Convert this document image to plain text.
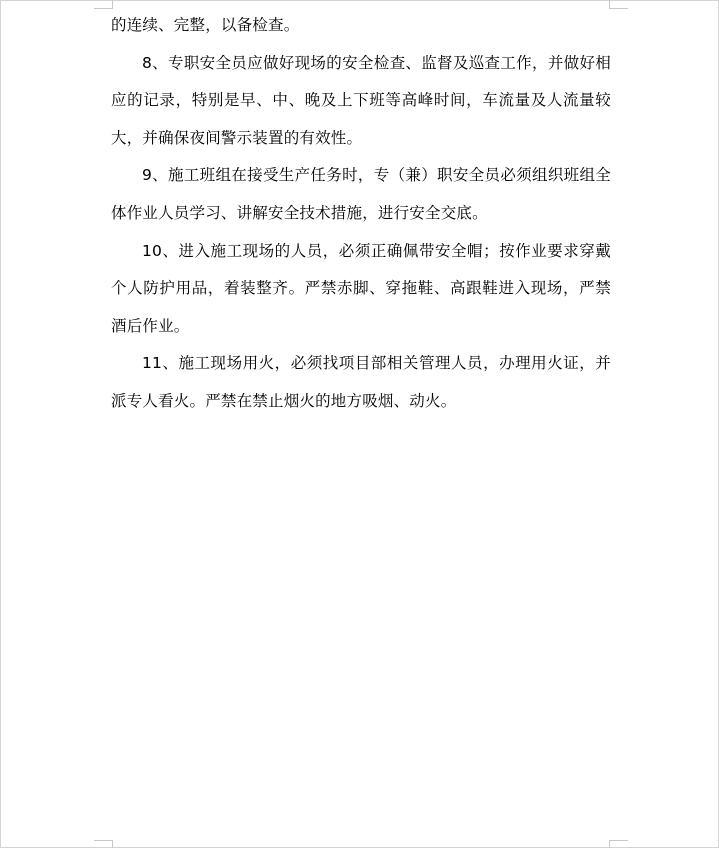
的连续、完整，以备检查。

8、专职安全员应做好现场的安全检查、监督及巡查工作，并做好相应的记录，特别是早、中、晚及上下班等高峰时间，车流量及人流量较大，并确保夜间警示装置的有效性。

9、施工班组在接受生产任务时，专（兼）职安全员必须组织班组全体作业人员学习、讲解安全技术措施，进行安全交底。

10、进入施工现场的人员，必须正确佩带安全帽；按作业要求穿戴个人防护用品，着装整齐。严禁赤脚、穿拖鞋、高跟鞋进入现场，严禁酒后作业。

11、施工现场用火，必须找项目部相关管理人员，办理用火证，并派专人看火。严禁在禁止烟火的地方吸烟、动火。
